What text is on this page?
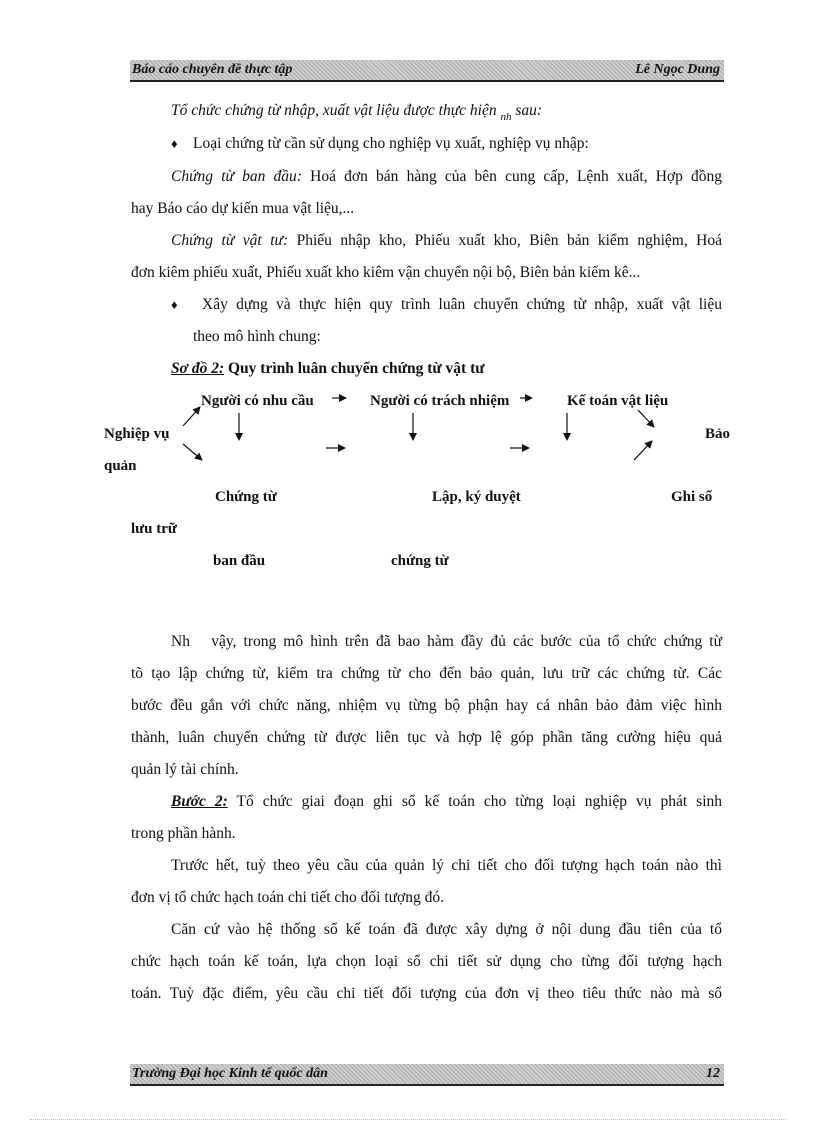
Báo cáo chuyên đề thực tập	Lê Ngọc Dung
Tổ chức chứng từ nhập, xuất vật liệu được thực hiện $_{nh}$ sau:
♦ Loại chứng từ cần sử dụng cho nghiệp vụ xuất, nghiệp vụ nhập:
Chứng từ ban đầu: Hoá đơn bán hàng của bên cung cấp, Lệnh xuất, Hợp đồng
hay Báo cáo dự kiến mua vật liệu,...
Chứng từ vật tư: Phiếu nhập kho, Phiếu xuất kho, Biên bản kiểm nghiệm, Hoá
đơn kiêm phiếu xuất, Phiếu xuất kho kiêm vận chuyển nội bộ, Biên bản kiểm kê...
♦ Xây dựng và thực hiện quy trình luân chuyển chứng từ nhập, xuất vật liệu
theo mô hình chung:
Sơ đồ 2: Quy trình luân chuyển chứng từ vật tư
Người có nhu cầu	Người có trách nhiệm	Kế toán vật liệu
Nghiệp vụ	Bảo
quản
Chứng từ	Lập, ký duyệt	Ghi sổ
lưu trữ
ban đầu	chứng từ
Nh vậy, trong mô hình trên đã bao hàm đầy đủ các bước của tổ chức chứng từ
tõ tạo lập chứng từ, kiểm tra chứng từ cho đến bảo quản, lưu trữ các chứng từ. Các
bước đều gắn với chức năng, nhiệm vụ từng bộ phận hay cá nhân bảo đảm việc hình
thành, luân chuyển chứng từ được liên tục và hợp lệ góp phần tăng cường hiệu quả
quản lý tài chính.
Bước 2: Tổ chức giai đoạn ghi sổ kế toán cho từng loại nghiệp vụ phát sinh
trong phần hành.
Trước hết, tuỳ theo yêu cầu của quản lý chi tiết cho đối tượng hạch toán nào thì
đơn vị tổ chức hạch toán chi tiết cho đối tượng đó.
Căn cứ vào hệ thống sổ kế toán đã được xây dựng ở nội dung đầu tiên của tổ
chức hạch toán kế toán, lựa chọn loại sổ chi tiết sử dụng cho từng đối tượng hạch
toán. Tuỳ đặc điểm, yêu cầu chi tiết đối tượng của đơn vị theo tiêu thức nào mà sổ
Trường Đại học Kinh tế quốc dân	12
